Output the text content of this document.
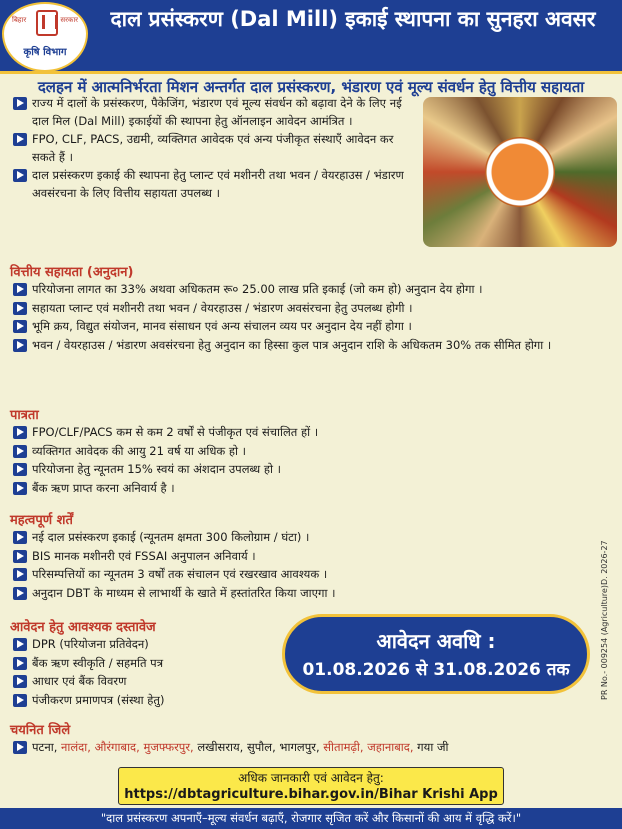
बिहार	सरकार
कृषि विभाग
दाल प्रसंस्करण (Dal Mill) इकाई स्थापना का सुनहरा अवसर
दलहन में आत्मनिर्भरता मिशन अन्तर्गत दाल प्रसंस्करण, भंडारण एवं मूल्य संवर्धन हेतु वित्तीय सहायता
राज्य में दालों के प्रसंस्करण, पैकेजिंग, भंडारण एवं मूल्य संवर्धन को बढ़ावा देने के लिए नई दाल मिल (Dal Mill) इकाईयों की स्थापना हेतु ऑनलाइन आवेदन आमंत्रित ।
FPO, CLF, PACS, उद्यमी, व्यक्तिगत आवेदक एवं अन्य पंजीकृत संस्थाएँ आवेदन कर सकते हैं ।
दाल प्रसंस्करण इकाई की स्थापना हेतु प्लान्ट एवं मशीनरी तथा भवन / वेयरहाउस / भंडारण अवसंरचना के लिए वित्तीय सहायता उपलब्ध ।
वित्तीय सहायता (अनुदान)
परियोजना लागत का 33% अथवा अधिकतम रू० 25.00 लाख प्रति इकाई (जो कम हो) अनुदान देय होगा ।
सहायता प्लान्ट एवं मशीनरी तथा भवन / वेयरहाउस / भंडारण अवसंरचना हेतु उपलब्ध होगी ।
भूमि क्रय, विद्युत संयोजन, मानव संसाधन एवं अन्य संचालन व्यय पर अनुदान देय नहीं होगा ।
भवन / वेयरहाउस / भंडारण अवसंरचना हेतु अनुदान का हिस्सा कुल पात्र अनुदान राशि के अधिकतम 30% तक सीमित होगा ।
पात्रता
FPO/CLF/PACS कम से कम 2 वर्षों से पंजीकृत एवं संचालित हों ।
व्यक्तिगत आवेदक की आयु 21 वर्ष या अधिक हो ।
परियोजना हेतु न्यूनतम 15% स्वयं का अंशदान उपलब्ध हो ।
बैंक ऋण प्राप्त करना अनिवार्य है ।
महत्वपूर्ण शर्तें
नई दाल प्रसंस्करण इकाई (न्यूनतम क्षमता 300 किलोग्राम / घंटा) ।
BIS मानक मशीनरी एवं FSSAI अनुपालन अनिवार्य ।
परिसम्पत्तियों का न्यूनतम 3 वर्षों तक संचालन एवं रखरखाव आवश्यक ।
अनुदान DBT के माध्यम से लाभार्थी के खाते में हस्तांतरित किया जाएगा ।
आवेदन हेतु आवश्यक दस्तावेज
DPR (परियोजना प्रतिवेदन)
बैंक ऋण स्वीकृति / सहमति पत्र
आधार एवं बैंक विवरण
पंजीकरण प्रमाणपत्र (संस्था हेतु)
आवेदन अवधि :
01.08.2026 से 31.08.2026 तक	PR No.- 009254 (Agriculture)D. 2026-27
चयनित जिले
पटना, नालंदा, औरंगाबाद, मुजफ्फरपुर, लखीसराय, सुपौल, भागलपुर, सीतामढ़ी, जहानाबाद, गया जी
अधिक जानकारी एवं आवेदन हेतु:
https://dbtagriculture.bihar.gov.in/Bihar Krishi App
"दाल प्रसंस्करण अपनाएँ–मूल्य संवर्धन बढ़ाएँ, रोजगार सृजित करें और किसानों की आय में वृद्धि करें।"
